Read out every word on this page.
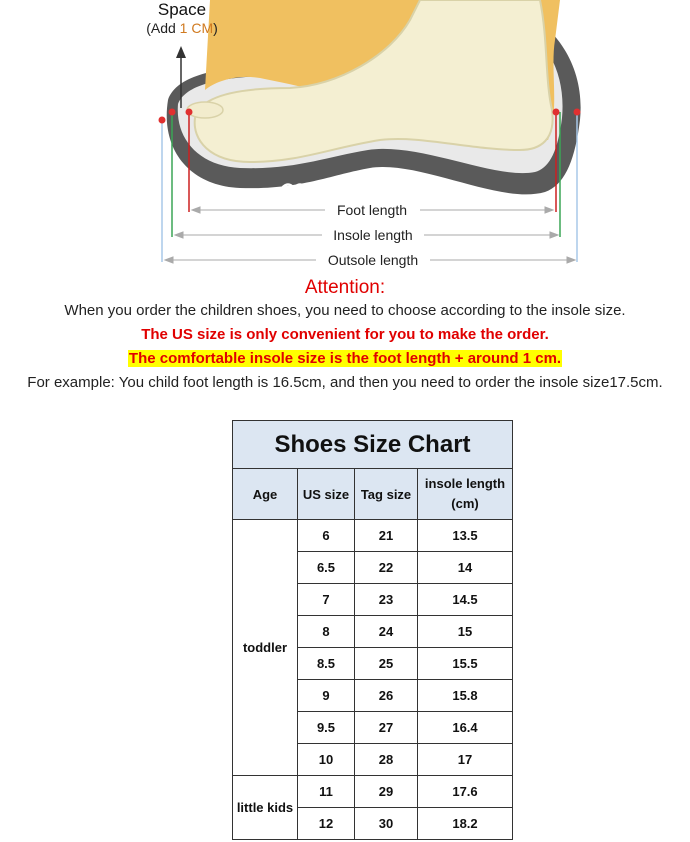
Space
(Add 1 CM)
Foot length
Insole length
Outsole length
Attention:
When you order the children shoes, you need to choose according to the insole size.
The US size is only convenient for you to make the order.
The comfortable insole size is the foot length + around 1 cm.
For example: You child foot length is 16.5cm, and then you need to order the insole size17.5cm.
Shoes Size Chart			
Age	US size	Tag size	insole length (cm)
toddler	6	21	13.5
	6.5	22	14
	7	23	14.5
	8	24	15
	8.5	25	15.5
	9	26	15.8
	9.5	27	16.4
	10	28	17
little kids	11	29	17.6
	12	30	18.2
